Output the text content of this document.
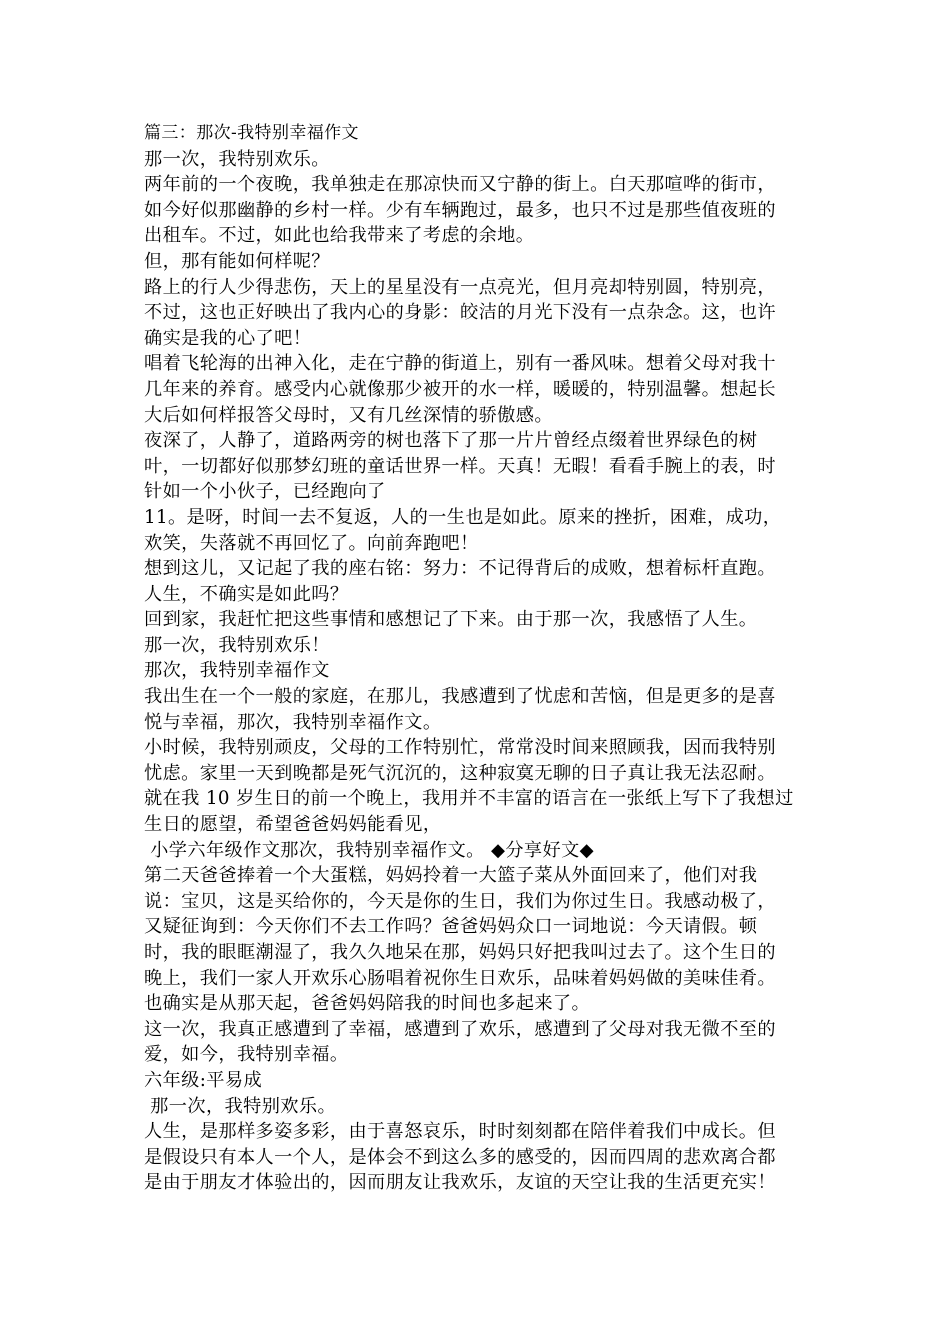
篇三：那次-我特别幸福作文
那一次，我特别欢乐。
两年前的一个夜晚，我单独走在那凉快而又宁静的街上。白天那喧哗的街市，
如今好似那幽静的乡村一样。少有车辆跑过，最多，也只不过是那些值夜班的
出租车。不过，如此也给我带来了考虑的余地。
但，那有能如何样呢？
路上的行人少得悲伤，天上的星星没有一点亮光，但月亮却特别圆，特别亮，
不过，这也正好映出了我内心的身影：皎洁的月光下没有一点杂念。这，也许
确实是我的心了吧！
唱着飞轮海的出神入化，走在宁静的街道上，别有一番风味。想着父母对我十
几年来的养育。感受内心就像那少被开的水一样，暖暖的，特别温馨。想起长
大后如何样报答父母时，又有几丝深情的骄傲感。
夜深了，人静了，道路两旁的树也落下了那一片片曾经点缀着世界绿色的树
叶，一切都好似那梦幻班的童话世界一样。天真！无暇！看看手腕上的表，时
针如一个小伙子，已经跑向了
11。是呀，时间一去不复返，人的一生也是如此。原来的挫折，困难，成功，
欢笑，失落就不再回忆了。向前奔跑吧！
想到这儿，又记起了我的座右铭：努力：不记得背后的成败，想着标杆直跑。
人生，不确实是如此吗？
回到家，我赶忙把这些事情和感想记了下来。由于那一次，我感悟了人生。
那一次，我特别欢乐！
那次，我特别幸福作文
我出生在一个一般的家庭，在那儿，我感遭到了忧虑和苦恼，但是更多的是喜
悦与幸福，那次，我特别幸福作文。
小时候，我特别顽皮，父母的工作特别忙，常常没时间来照顾我，因而我特别
忧虑。家里一天到晚都是死气沉沉的，这种寂寞无聊的日子真让我无法忍耐。
就在我 10 岁生日的前一个晚上，我用并不丰富的语言在一张纸上写下了我想过
生日的愿望，希望爸爸妈妈能看见，
小学六年级作文那次，我特别幸福作文。 ◆分享好文◆
第二天爸爸捧着一个大蛋糕，妈妈拎着一大篮子菜从外面回来了，他们对我
说：宝贝，这是买给你的，今天是你的生日，我们为你过生日。我感动极了，
又疑征询到：今天你们不去工作吗？爸爸妈妈众口一词地说：今天请假。顿
时，我的眼眶潮湿了，我久久地呆在那，妈妈只好把我叫过去了。这个生日的
晚上，我们一家人开欢乐心肠唱着祝你生日欢乐，品味着妈妈做的美味佳肴。
也确实是从那天起，爸爸妈妈陪我的时间也多起来了。
这一次，我真正感遭到了幸福，感遭到了欢乐，感遭到了父母对我无微不至的
爱，如今，我特别幸福。
六年级:平易成
那一次，我特别欢乐。
人生，是那样多姿多彩，由于喜怒哀乐，时时刻刻都在陪伴着我们中成长。但
是假设只有本人一个人，是体会不到这么多的感受的，因而四周的悲欢离合都
是由于朋友才体验出的，因而朋友让我欢乐，友谊的天空让我的生活更充实！
